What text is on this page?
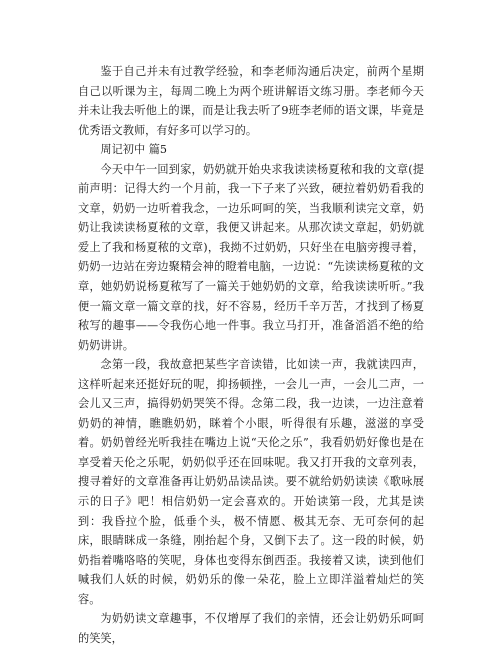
鉴于自己并未有过教学经验，和李老师沟通后决定，前两个星期自己以听课为主，每周二晚上为两个班讲解语文练习册。李老师今天并未让我去听他上的课，而是让我去听了9班李老师的语文课，毕竟是优秀语文教师，有好多可以学习的。

周记初中 篇5

今天中午一回到家，奶奶就开始央求我读读杨夏秾和我的文章(提前声明：记得大约一个月前，我一下子来了兴致，硬拉着奶奶看我的文章，奶奶一边听着我念，一边乐呵呵的笑，当我顺利读完文章，奶奶让我读读杨夏秾的文章，我便又讲起来。从那次读文章起，奶奶就爱上了我和杨夏秾的文章)，我拗不过奶奶，只好坐在电脑旁搜寻着，奶奶一边站在旁边聚精会神的瞪着电脑，一边说：“先读读杨夏秾的文章，她奶奶说杨夏秾写了一篇关于她奶奶的文章，给我读读听听。”我便一篇文章一篇文章的找，好不容易，经历千辛万苦，才找到了杨夏秾写的趣事——令我伤心地一件事。我立马打开，准备滔滔不绝的给奶奶讲讲。

念第一段，我故意把某些字音读错，比如读一声，我就读四声，这样听起来还挺好玩的呢，抑扬顿挫，一会儿一声，一会儿二声，一会儿又三声，搞得奶奶哭笑不得。念第二段，我一边读，一边注意着奶奶的神情，瞧瞧奶奶，眯着个小眼，听得很有乐趣，滋滋的享受着。奶奶曾经光听我挂在嘴边上说“天伦之乐”，我看奶奶好像也是在享受着天伦之乐呢，奶奶似乎还在回味呢。我又打开我的文章列表，搜寻着好的文章准备再让奶奶品读品读。要不就给奶奶读读《歌咏展示的日子》吧！相信奶奶一定会喜欢的。开始读第一段，尤其是读到：我昏拉个脸，低垂个头，极不情愿、极其无奈、无可奈何的起床，眼睛眯成一条缝，刚抬起个身，又倒下去了。这一段的时候，奶奶指着嘴咯咯的笑呢，身体也变得东倒西歪。我接着又读，读到他们喊我们人妖的时候，奶奶乐的像一朵花，脸上立即洋溢着灿烂的笑容。

为奶奶读文章趣事，不仅增厚了我们的亲情，还会让奶奶乐呵呵的笑笑，
